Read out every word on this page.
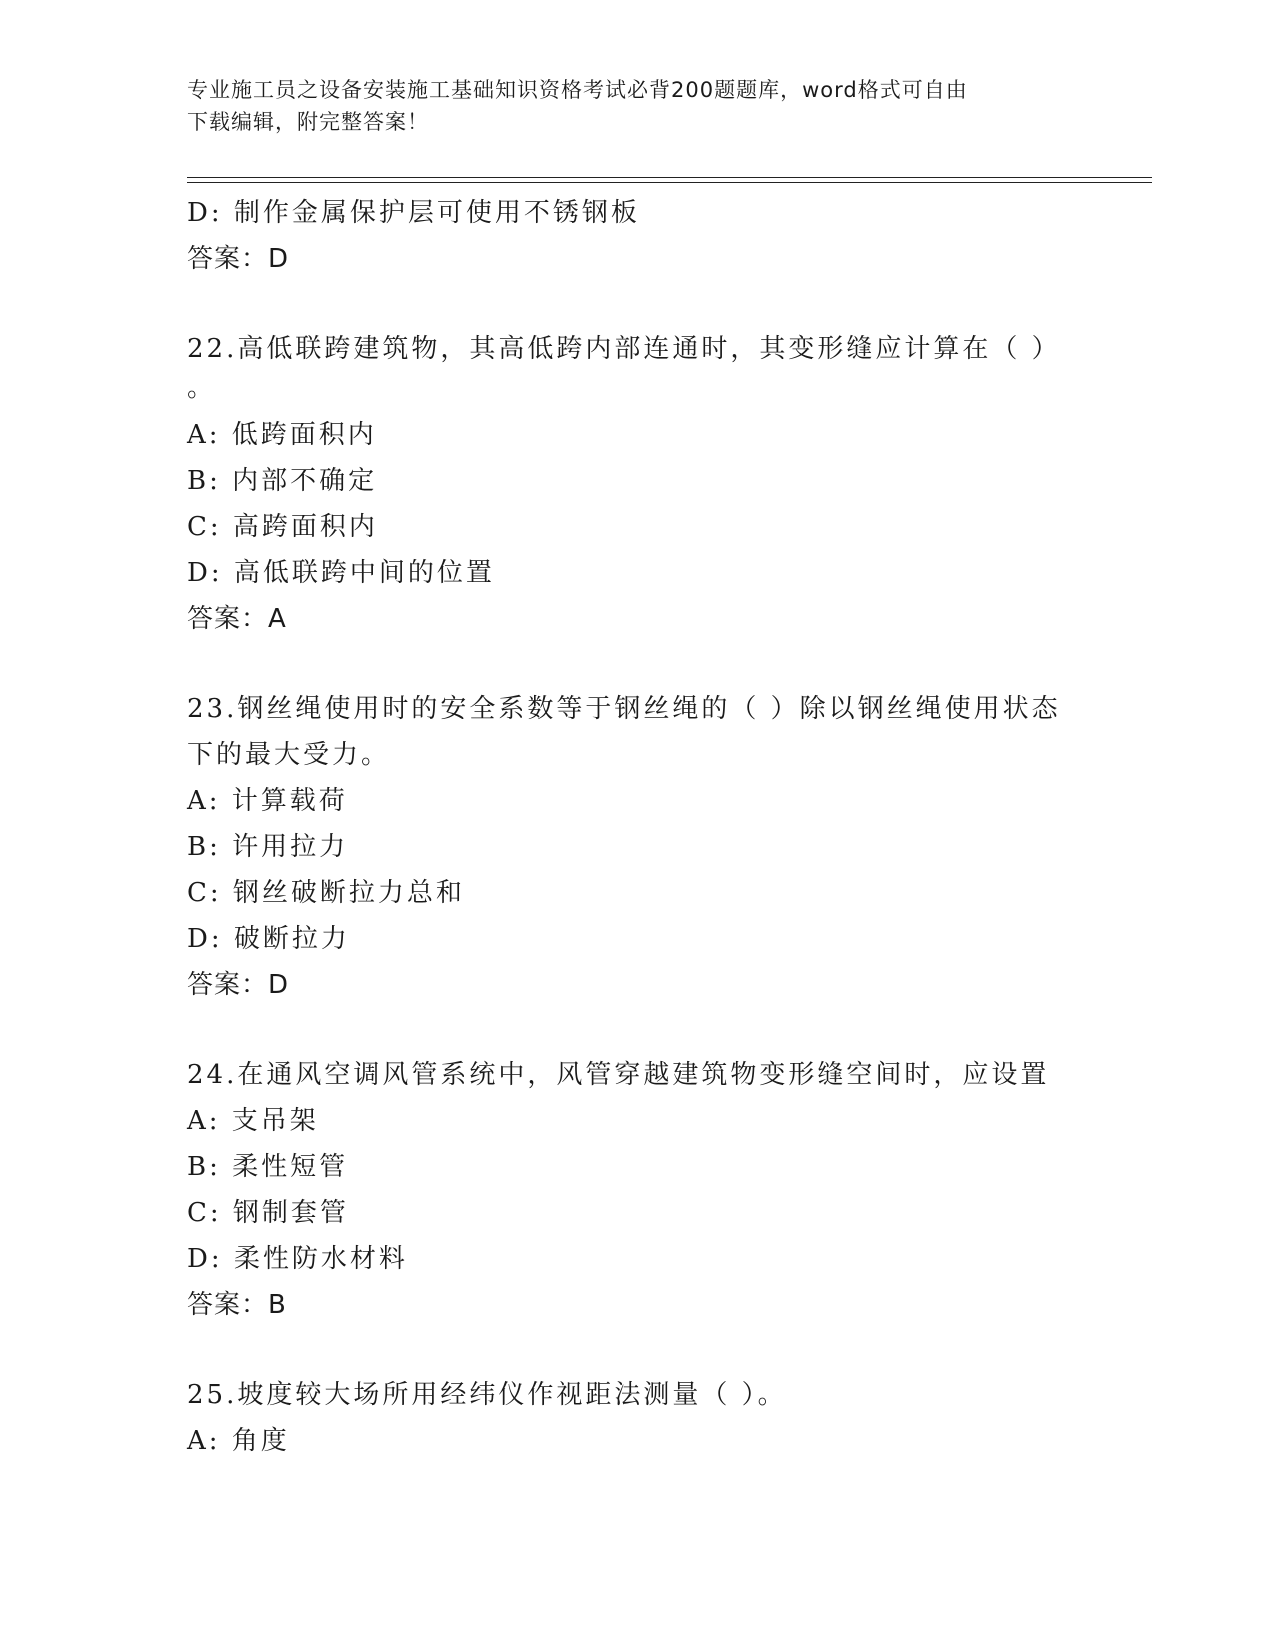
专业施工员之设备安装施工基础知识资格考试必背200题题库，word格式可自由
下载编辑，附完整答案！
D: 制作金属保护层可使用不锈钢板
答案：D
22.高低联跨建筑物，其高低跨内部连通时，其变形缝应计算在（ ）
。
A: 低跨面积内
B: 内部不确定
C: 高跨面积内
D: 高低联跨中间的位置
答案：A
23.钢丝绳使用时的安全系数等于钢丝绳的（ ）除以钢丝绳使用状态
下的最大受力。
A: 计算载荷
B: 许用拉力
C: 钢丝破断拉力总和
D: 破断拉力
答案：D
24.在通风空调风管系统中，风管穿越建筑物变形缝空间时，应设置
A: 支吊架
B: 柔性短管
C: 钢制套管
D: 柔性防水材料
答案：B
25.坡度较大场所用经纬仪作视距法测量（ ）。
A: 角度
